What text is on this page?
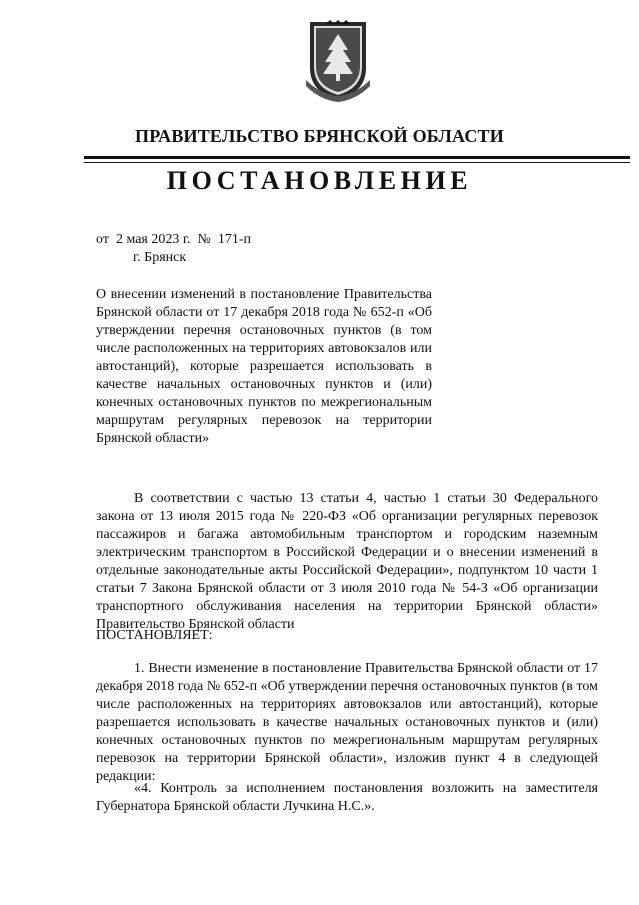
ПРАВИТЕЛЬСТВО БРЯНСКОЙ ОБЛАСТИ
ПОСТАНОВЛЕНИЕ
от 2 мая 2023 г. № 171-п
г. Брянск
О внесении изменений в постановление Правительства Брянской области от 17 декабря 2018 года № 652-п «Об утверждении перечня остановочных пунктов (в том числе расположенных на территориях автовокзалов или автостанций), которые разрешается использовать в качестве начальных остановочных пунктов и (или) конечных остановочных пунктов по межрегиональным маршрутам регулярных перевозок на территории Брянской области»
В соответствии с частью 13 статьи 4, частью 1 статьи 30 Федерального закона от 13 июля 2015 года № 220-ФЗ «Об организации регулярных перевозок пассажиров и багажа автомобильным транспортом и городским наземным электрическим транспортом в Российской Федерации и о внесении изменений в отдельные законодательные акты Российской Федерации», подпунктом 10 части 1 статьи 7 Закона Брянской области от 3 июля 2010 года № 54-З «Об организации транспортного обслуживания населения на территории Брянской области» Правительство Брянской области
ПОСТАНОВЛЯЕТ:
1. Внести изменение в постановление Правительства Брянской области от 17 декабря 2018 года № 652-п «Об утверждении перечня остановочных пунктов (в том числе расположенных на территориях автовокзалов или автостанций), которые разрешается использовать в качестве начальных остановочных пунктов и (или) конечных остановочных пунктов по межрегиональным маршрутам регулярных перевозок на территории Брянской области», изложив пункт 4 в следующей редакции:
«4. Контроль за исполнением постановления возложить на заместителя Губернатора Брянской области Лучкина Н.С.».
